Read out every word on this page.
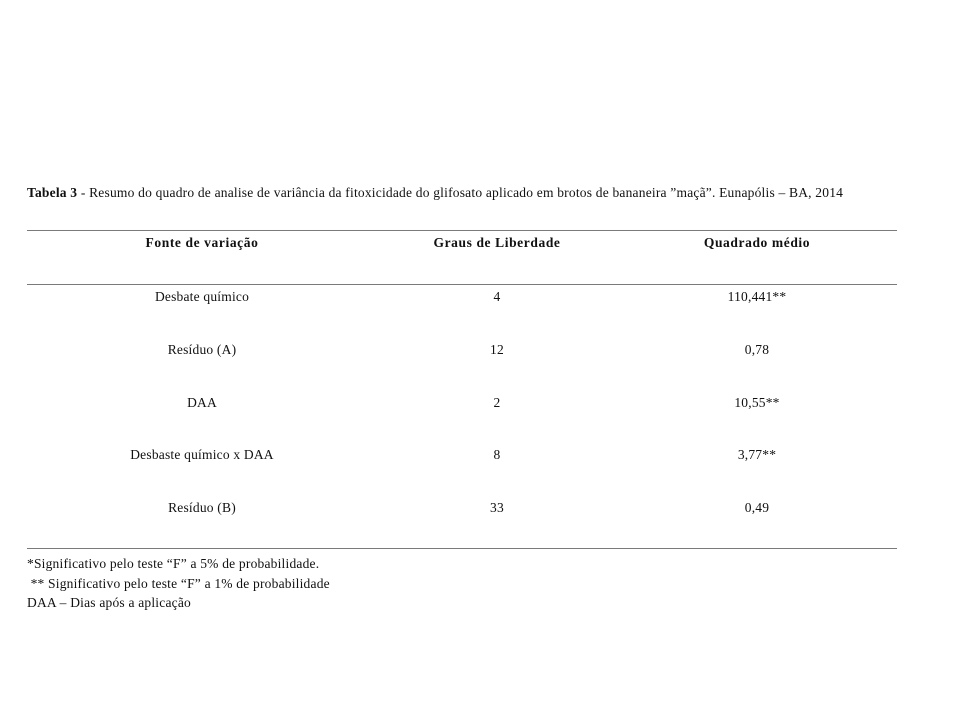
Tabela 3 - Resumo do quadro de analise de variância da fitoxicidade do glifosato aplicado em brotos de bananeira ”maçã”. Eunapólis – BA, 2014
Fonte de variação	Graus de Liberdade	Quadrado médio
Desbate químico	4	110,441**
Resíduo (A)	12	0,78
DAA	2	10,55**
Desbaste químico x DAA	8	3,77**
Resíduo (B)	33	0,49
*Significativo pelo teste “F” a 5% de probabilidade.
** Significativo pelo teste “F” a 1% de probabilidade
DAA – Dias após a aplicação
